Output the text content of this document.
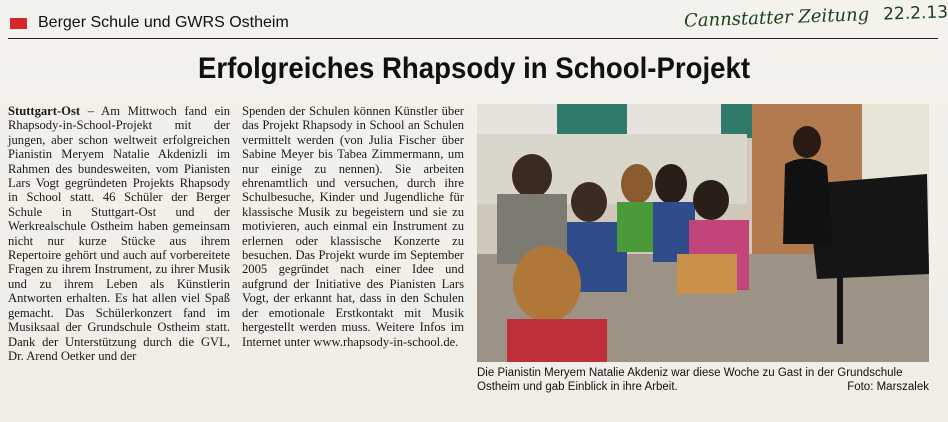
Berger Schule und GWRS Ostheim	Cannstatter Zeitung 22.2.13
Erfolgreiches Rhapsody in School-Projekt
Stuttgart-Ost – Am Mittwoch fand ein Rhapsody-in-School-Projekt mit der jungen, aber schon weltweit erfolgreichen Pianistin Meryem Natalie Akdenizli im Rahmen des bundesweiten, vom Pianisten Lars Vogt gegründeten Projekts Rhapsody in School statt. 46 Schüler der Berger Schule in Stuttgart-Ost und der Werkrealschule Ostheim haben gemeinsam nicht nur kurze Stücke aus ihrem Repertoire gehört und auch auf vorbereitete Fragen zu ihrem Instrument, zu ihrer Musik und zu ihrem Leben als Künstlerin Antworten erhalten. Es hat allen viel Spaß gemacht. Das Schülerkonzert fand im Musiksaal der Grundschule Ostheim statt. Dank der Unterstützung durch die GVL, Dr. Arend Oetker und der
Spenden der Schulen können Künstler über das Projekt Rhapsody in School an Schulen vermittelt werden (von Julia Fischer über Sabine Meyer bis Tabea Zimmermann, um nur einige zu nennen). Sie arbeiten ehrenamtlich und versuchen, durch ihre Schulbesuche, Kinder und Jugendliche für klassische Musik zu begeistern und sie zu motivieren, auch einmal ein Instrument zu erlernen oder klassische Konzerte zu besuchen. Das Projekt wurde im September 2005 gegründet nach einer Idee und aufgrund der Initiative des Pianisten Lars Vogt, der erkannt hat, dass in den Schulen der emotionale Erstkontakt mit Musik hergestellt werden muss. Weitere Infos im Internet unter www.rhapsody-in-school.de.
Die Pianistin Meryem Natalie Akdeniz war diese Woche zu Gast in der Grundschule Ostheim und gab Einblick in ihre Arbeit.	Foto: Marszalek
